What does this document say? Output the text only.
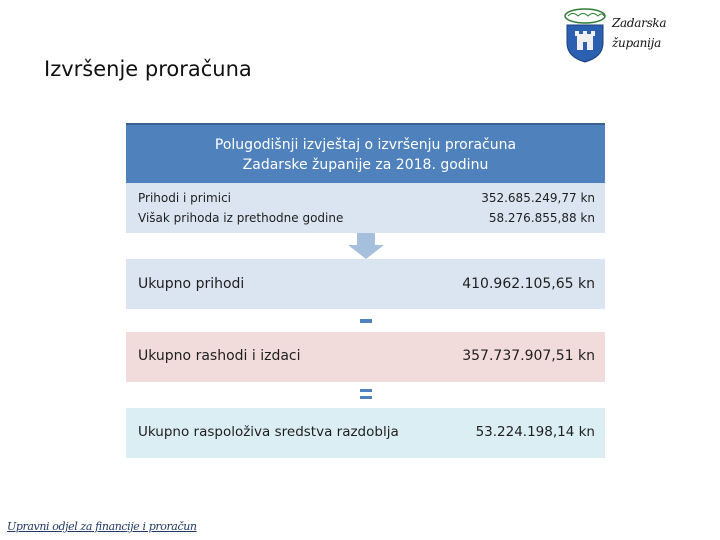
Izvršenje proračuna
Zadarska
županija
Polugodišnji izvještaj o izvršenju proračuna
Zadarske županije za 2018. godinu
Prihodi i primici	352.685.249,77 kn
Višak prihoda iz prethodne godine	58.276.855,88 kn
Ukupno prihodi	410.962.105,65 kn
Ukupno rashodi i izdaci	357.737.907,51 kn
Ukupno raspoloživa sredstva razdoblja	53.224.198,14 kn
Upravni odjel za financije i proračun
